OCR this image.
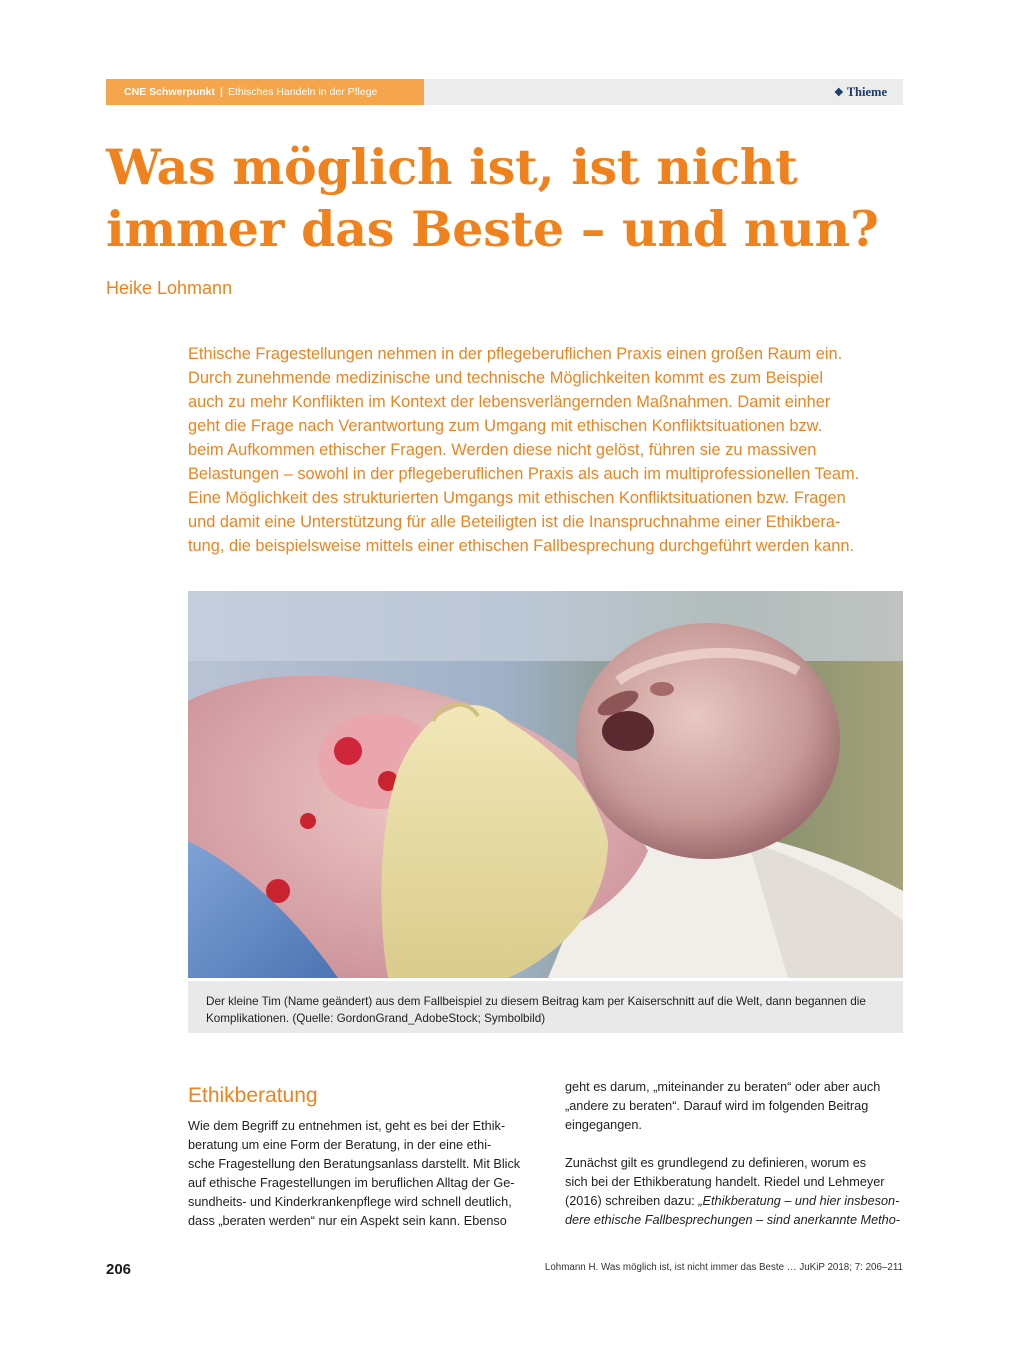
CNE Schwerpunkt | Ethisches Handeln in der Pflege	❖ Thieme
Was möglich ist, ist nicht
immer das Beste – und nun?
Heike Lohmann
Ethische Fragestellungen nehmen in der pflegeberuflichen Praxis einen großen Raum ein.
Durch zunehmende medizinische und technische Möglichkeiten kommt es zum Beispiel
auch zu mehr Konflikten im Kontext der lebensverlängernden Maßnahmen. Damit einher
geht die Frage nach Verantwortung zum Umgang mit ethischen Konfliktsituationen bzw.
beim Aufkommen ethischer Fragen. Werden diese nicht gelöst, führen sie zu massiven
Belastungen – sowohl in der pflegeberuflichen Praxis als auch im multiprofessionellen Team.
Eine Möglichkeit des strukturierten Umgangs mit ethischen Konfliktsituationen bzw. Fragen
und damit eine Unterstützung für alle Beteiligten ist die Inanspruchnahme einer Ethikbera-
tung, die beispielsweise mittels einer ethischen Fallbesprechung durchgeführt werden kann.
Der kleine Tim (Name geändert) aus dem Fallbeispiel zu diesem Beitrag kam per Kaiserschnitt auf die Welt, dann begannen die
Komplikationen. (Quelle: GordonGrand_AdobeStock; Symbolbild)
Ethikberatung
Wie dem Begriff zu entnehmen ist, geht es bei der Ethik-
beratung um eine Form der Beratung, in der eine ethi-
sche Fragestellung den Beratungsanlass darstellt. Mit Blick
auf ethische Fragestellungen im beruflichen Alltag der Ge-
sundheits- und Kinderkrankenpflege wird schnell deutlich,
dass „beraten werden“ nur ein Aspekt sein kann. Ebenso
geht es darum, „miteinander zu beraten“ oder aber auch
„andere zu beraten“. Darauf wird im folgenden Beitrag
eingegangen.
Zunächst gilt es grundlegend zu definieren, worum es
sich bei der Ethikberatung handelt. Riedel und Lehmeyer
(2016) schreiben dazu: „Ethikberatung – und hier insbeson-
dere ethische Fallbesprechungen – sind anerkannte Metho-
206	Lohmann H. Was möglich ist, ist nicht immer das Beste … JuKiP 2018; 7: 206–211
